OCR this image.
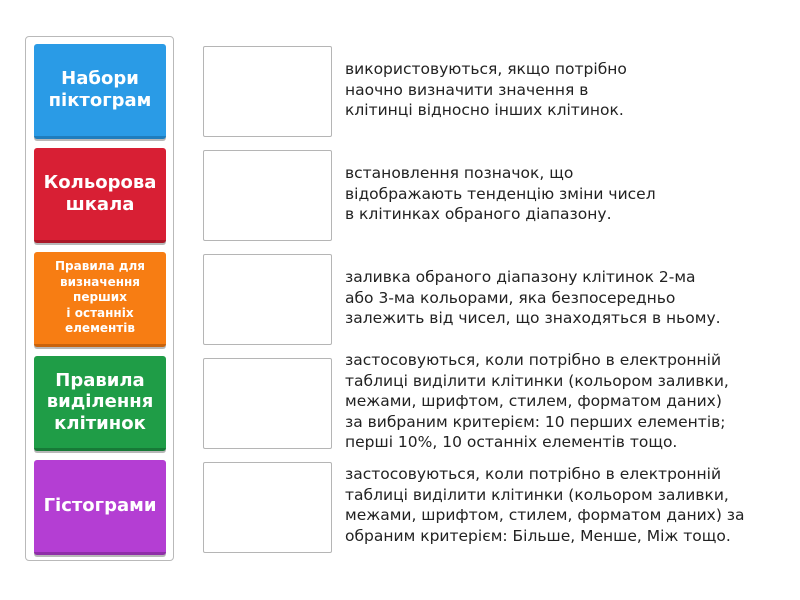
Набори
піктограм
Кольорова
шкала
Правила для
визначення
перших
і останніх
елементів
Правила
виділення
клітинок
Гістограми
використовуються, якщо потрібно
наочно визначити значення в
клітинці відносно інших клітинок.
встановлення позначок, що
відображають тенденцію зміни чисел
в клітинках обраного діапазону.
заливка обраного діапазону клітинок 2-ма
або 3-ма кольорами, яка безпосередньо
залежить від чисел, що знаходяться в ньому.
застосовуються, коли потрібно в електронній
таблиці виділити клітинки (кольором заливки,
межами, шрифтом, стилем, форматом даних)
за вибраним критерієм: 10 перших елементів;
перші 10%, 10 останніх елементів тощо.
застосовуються, коли потрібно в електронній
таблиці виділити клітинки (кольором заливки,
межами, шрифтом, стилем, форматом даних) за
обраним критерієм: Більше, Менше, Між тощо.
